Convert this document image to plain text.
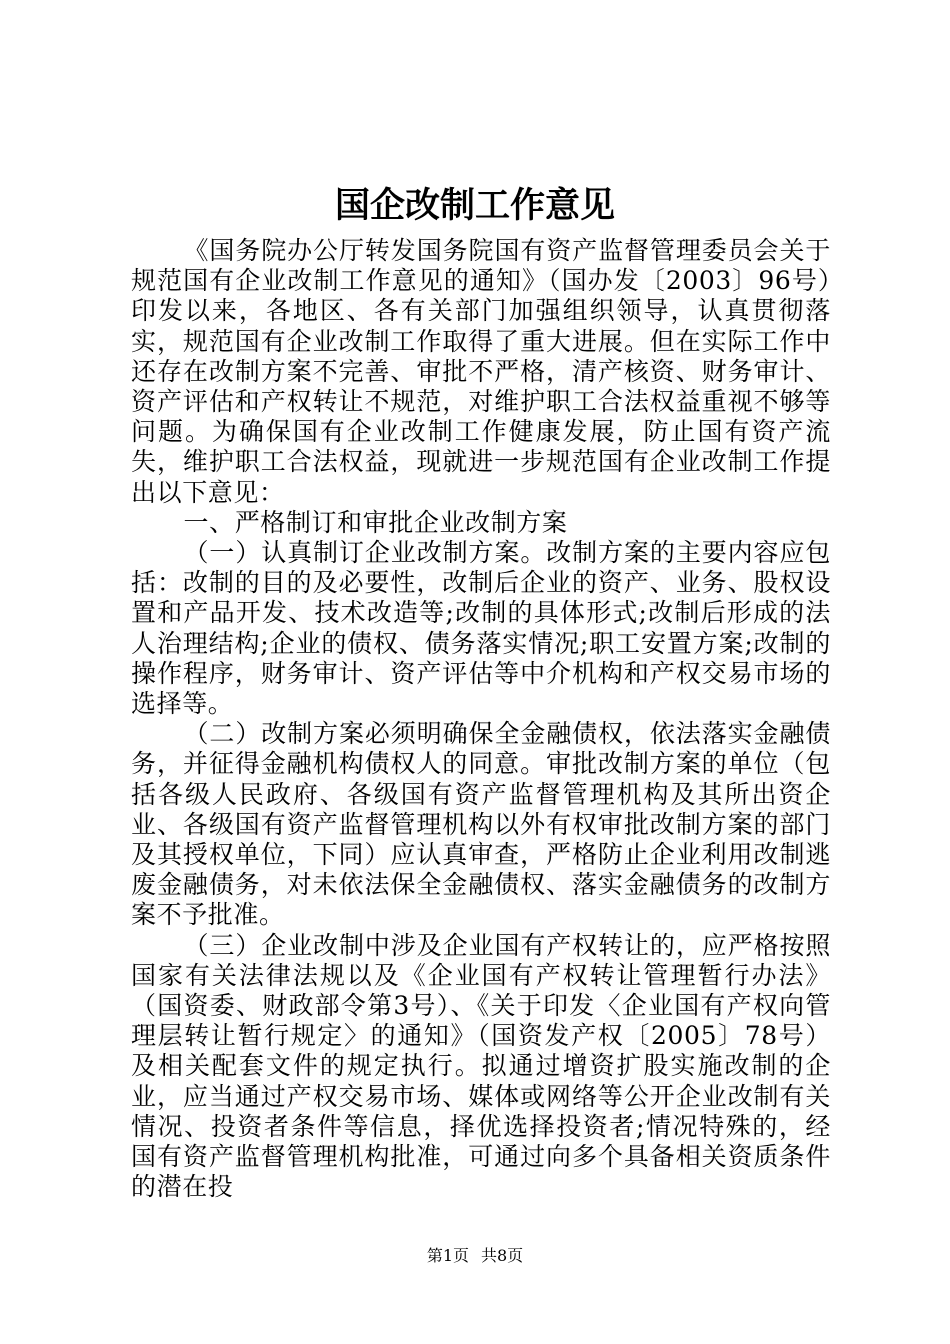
国企改制工作意见

《国务院办公厅转发国务院国有资产监督管理委员会关于规范国有企业改制工作意见的通知》（国办发〔2003〕96号）印发以来，各地区、各有关部门加强组织领导，认真贯彻落实，规范国有企业改制工作取得了重大进展。但在实际工作中还存在改制方案不完善、审批不严格，清产核资、财务审计、资产评估和产权转让不规范，对维护职工合法权益重视不够等问题。为确保国有企业改制工作健康发展，防止国有资产流失，维护职工合法权益，现就进一步规范国有企业改制工作提出以下意见：

一、严格制订和审批企业改制方案

（一）认真制订企业改制方案。改制方案的主要内容应包括：改制的目的及必要性，改制后企业的资产、业务、股权设置和产品开发、技术改造等;改制的具体形式;改制后形成的法人治理结构;企业的债权、债务落实情况;职工安置方案;改制的操作程序，财务审计、资产评估等中介机构和产权交易市场的选择等。

（二）改制方案必须明确保全金融债权，依法落实金融债务，并征得金融机构债权人的同意。审批改制方案的单位（包括各级人民政府、各级国有资产监督管理机构及其所出资企业、各级国有资产监督管理机构以外有权审批改制方案的部门及其授权单位，下同）应认真审查，严格防止企业利用改制逃废金融债务，对未依法保全金融债权、落实金融债务的改制方案不予批准。

（三）企业改制中涉及企业国有产权转让的，应严格按照国家有关法律法规以及《企业国有产权转让管理暂行办法》（国资委、财政部令第3号）、《关于印发〈企业国有产权向管理层转让暂行规定〉的通知》（国资发产权〔2005〕78号）及相关配套文件的规定执行。拟通过增资扩股实施改制的企业，应当通过产权交易市场、媒体或网络等公开企业改制有关情况、投资者条件等信息，择优选择投资者;情况特殊的，经国有资产监督管理机构批准，可通过向多个具备相关资质条件的潜在投

第1页 共8页
